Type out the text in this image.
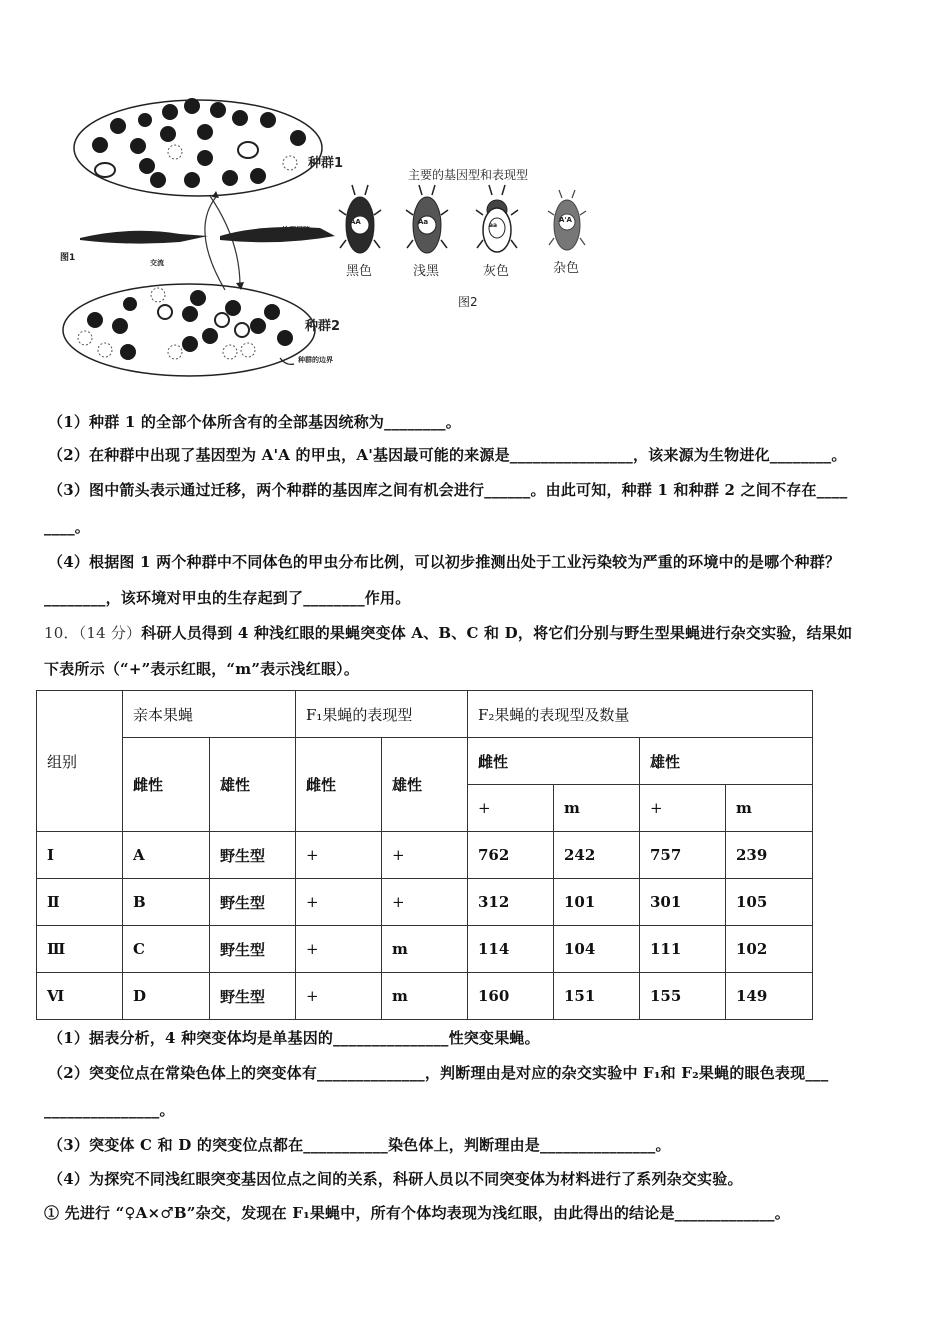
种群1
种群2
图1
地理屏障
交流
种群的边界
主要的基因型和表现型
AA	Aa	aa
A'A
黑色	浅黑	灰色	杂色
图2
（1）种群 1 的全部个体所含有的全部基因统称为________。
（2）在种群中出现了基因型为 A'A 的甲虫，A'基因最可能的来源是________________，该来源为生物进化________。
（3）图中箭头表示通过迁移，两个种群的基因库之间有机会进行______。由此可知，种群 1 和种群 2 之间不存在____
____。
（4）根据图 1 两个种群中不同体色的甲虫分布比例，可以初步推测出处于工业污染较为严重的环境中的是哪个种群？
________，该环境对甲虫的生存起到了________作用。
10．（14 分）科研人员得到 4 种浅红眼的果蝇突变体 A、B、C 和 D，将它们分别与野生型果蝇进行杂交实验，结果如
下表所示（“+”表示红眼，“m”表示浅红眼）。
组别	亲本果蝇		F₁果蝇的表现型		F₂果蝇的表现型及数量			
	雌性	雄性	雌性	雄性	雌性		雄性	
					+	m	+	m
Ⅰ	A	野生型	+	+	762	242	757	239
Ⅱ	B	野生型	+	+	312	101	301	105
Ⅲ	C	野生型	+	m	114	104	111	102
Ⅵ	D	野生型	+	m	160	151	155	149
（1）据表分析，4 种突变体均是单基因的_______________性突变果蝇。
（2）突变位点在常染色体上的突变体有______________，判断理由是对应的杂交实验中 F₁和 F₂果蝇的眼色表现___
_______________。
（3）突变体 C 和 D 的突变位点都在___________染色体上，判断理由是_______________。
（4）为探究不同浅红眼突变基因位点之间的关系，科研人员以不同突变体为材料进行了系列杂交实验。
① 先进行 “♀A×♂B”杂交，发现在 F₁果蝇中，所有个体均表现为浅红眼，由此得出的结论是_____________。
